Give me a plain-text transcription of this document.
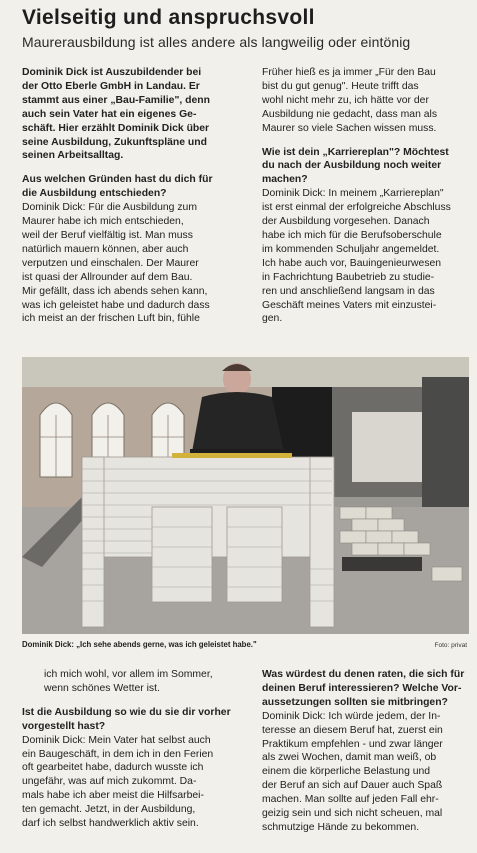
Vielseitig und anspruchsvoll
Maurerausbildung ist alles andere als langweilig oder eintönig

Dominik Dick ist Auszubildender bei

der Otto Eberle GmbH in Landau. Er

stammt aus einer „Bau-Familie", denn

auch sein Vater hat ein eigenes Ge-

schäft. Hier erzählt Dominik Dick über

seine Ausbildung, Zukunftspläne und

seinen Arbeitsalltag.

Aus welchen Gründen hast du dich für

die Ausbildung entschieden?

Dominik Dick: Für die Ausbildung zum

Maurer habe ich mich entschieden,

weil der Beruf vielfältig ist. Man muss

natürlich mauern können, aber auch

verputzen und einschalen. Der Maurer

ist quasi der Allrounder auf dem Bau.

Mir gefällt, dass ich abends sehen kann,

was ich geleistet habe und dadurch dass

ich meist an der frischen Luft bin, fühle

Früher hieß es ja immer „Für den Bau

bist du gut genug". Heute trifft das

wohl nicht mehr zu, ich hätte vor der

Ausbildung nie gedacht, dass man als

Maurer so viele Sachen wissen muss.

Wie ist dein „Karriereplan"? Möchtest

du nach der Ausbildung noch weiter

machen?

Dominik Dick: In meinem „Karriereplan"

ist erst einmal der erfolgreiche Abschluss

der Ausbildung vorgesehen. Danach

habe ich mich für die Berufsoberschule

im kommenden Schuljahr angemeldet.

Ich habe auch vor, Bauingenieurwesen

in Fachrichtung Baubetrieb zu studie-

ren und anschließend langsam in das

Geschäft meines Vaters mit einzustei-

gen.

Dominik Dick: „Ich sehe abends gerne, was ich geleistet habe."	Foto: privat

ich mich wohl, vor allem im Sommer,

wenn schönes Wetter ist.

Ist die Ausbildung so wie du sie dir vorher

vorgestellt hast?

Dominik Dick: Mein Vater hat selbst auch

ein Baugeschäft, in dem ich in den Ferien

oft gearbeitet habe, dadurch wusste ich

ungefähr, was auf mich zukommt. Da-

mals habe ich aber meist die Hilfsarbei-

ten gemacht. Jetzt, in der Ausbildung,

darf ich selbst handwerklich aktiv sein.

Was würdest du denen raten, die sich für

deinen Beruf interessieren? Welche Vor-

aussetzungen sollten sie mitbringen?

Dominik Dick: Ich würde jedem, der In-

teresse an diesem Beruf hat, zuerst ein

Praktikum empfehlen - und zwar länger

als zwei Wochen, damit man weiß, ob

einem die körperliche Belastung und

der Beruf an sich auf Dauer auch Spaß

machen. Man sollte auf jeden Fall ehr-

geizig sein und sich nicht scheuen, mal

schmutzige Hände zu bekommen.
